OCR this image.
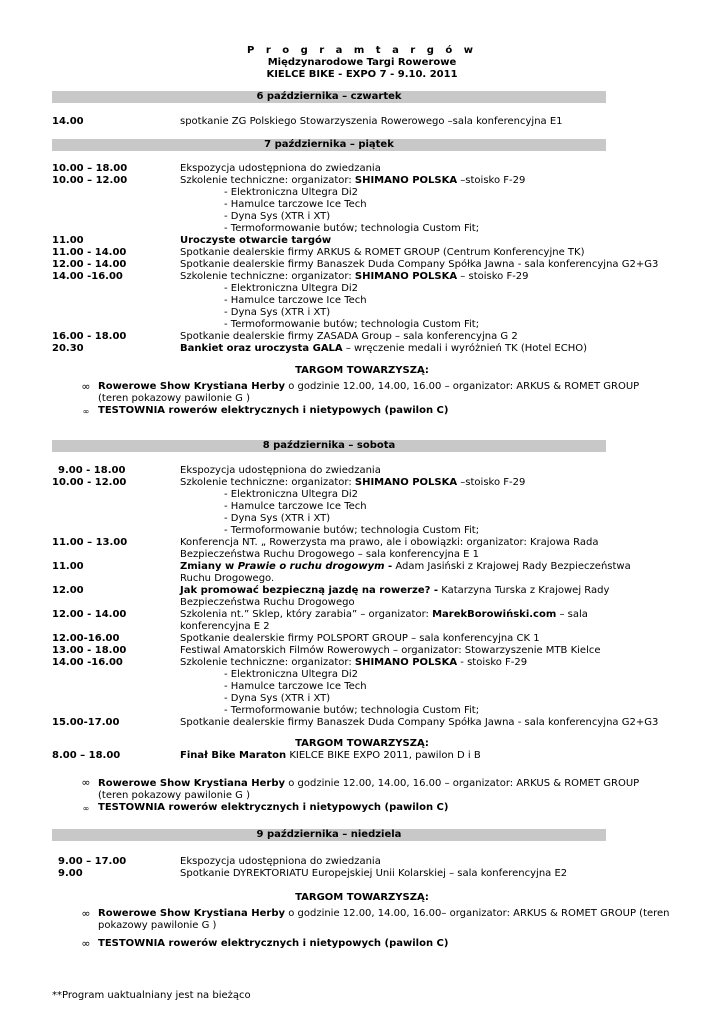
P r o g r a m t a r g ó w
Międzynarodowe Targi Rowerowe
KIELCE BIKE - EXPO 7 - 9.10. 2011
6 października – czwartek
14.00	spotkanie ZG Polskiego Stowarzyszenia Rowerowego –sala konferencyjna E1
7 października – piątek
10.00 – 18.00	Ekspozycja udostępniona do zwiedzania
10.00 – 12.00	Szkolenie techniczne: organizator: SHIMANO POLSKA –stoisko F-29
- Elektroniczna Ultegra Di2
- Hamulce tarczowe Ice Tech
- Dyna Sys (XTR i XT)
- Termoformowanie butów; technologia Custom Fit;
11.00	Uroczyste otwarcie targów
11.00 - 14.00	Spotkanie dealerskie firmy ARKUS & ROMET GROUP (Centrum Konferencyjne TK)
12.00 - 14.00	Spotkanie dealerskie firmy Banaszek Duda Company Spółka Jawna - sala konferencyjna G2+G3
14.00 -16.00	Szkolenie techniczne: organizator: SHIMANO POLSKA – stoisko F-29
- Elektroniczna Ultegra Di2
- Hamulce tarczowe Ice Tech
- Dyna Sys (XTR i XT)
- Termoformowanie butów; technologia Custom Fit;
16.00 - 18.00	Spotkanie dealerskie firmy ZASADA Group – sala konferencyjna G 2
20.30	Bankiet oraz uroczysta GALA – wręczenie medali i wyróżnień TK (Hotel ECHO)
TARGOM TOWARZYSZĄ:
∞ Rowerowe Show Krystiana Herby o godzinie 12.00, 14.00, 16.00 – organizator: ARKUS & ROMET GROUP
(teren pokazowy pawilonie G )
∞ TESTOWNIA rowerów elektrycznych i nietypowych (pawilon C)
8 października – sobota
9.00 - 18.00	Ekspozycja udostępniona do zwiedzania
10.00 - 12.00	Szkolenie techniczne: organizator: SHIMANO POLSKA –stoisko F-29
- Elektroniczna Ultegra Di2
- Hamulce tarczowe Ice Tech
- Dyna Sys (XTR i XT)
- Termoformowanie butów; technologia Custom Fit;
11.00 – 13.00	Konferencja NT. „ Rowerzysta ma prawo, ale i obowiązki: organizator: Krajowa Rada Bezpieczeństwa Ruchu Drogowego – sala konferencyjna E 1
11.00	Zmiany w Prawie o ruchu drogowym - Adam Jasiński z Krajowej Rady Bezpieczeństwa Ruchu Drogowego.
12.00	Jak promować bezpieczną jazdę na rowerze? - Katarzyna Turska z Krajowej Rady Bezpieczeństwa Ruchu Drogowego
12.00 - 14.00	Szkolenia nt.” Sklep, który zarabia” – organizator: MarekBorowiński.com – sala konferencyjna E 2
12.00-16.00	Spotkanie dealerskie firmy POLSPORT GROUP – sala konferencyjna CK 1
13.00 - 18.00	Festiwal Amatorskich Filmów Rowerowych – organizator: Stowarzyszenie MTB Kielce
14.00 -16.00	Szkolenie techniczne: organizator: SHIMANO POLSKA - stoisko F-29
- Elektroniczna Ultegra Di2
- Hamulce tarczowe Ice Tech
- Dyna Sys (XTR i XT)
- Termoformowanie butów; technologia Custom Fit;
15.00-17.00	Spotkanie dealerskie firmy Banaszek Duda Company Spółka Jawna - sala konferencyjna G2+G3
TARGOM TOWARZYSZĄ:
8.00 – 18.00	Finał Bike Maraton KIELCE BIKE EXPO 2011, pawilon D i B
∞ Rowerowe Show Krystiana Herby o godzinie 12.00, 14.00, 16.00 – organizator: ARKUS & ROMET GROUP
(teren pokazowy pawilonie G )
∞ TESTOWNIA rowerów elektrycznych i nietypowych (pawilon C)
9 października – niedziela
9.00 – 17.00	Ekspozycja udostępniona do zwiedzania
9.00	Spotkanie DYREKTORIATU Europejskiej Unii Kolarskiej – sala konferencyjna E2
TARGOM TOWARZYSZĄ:
∞ Rowerowe Show Krystiana Herby o godzinie 12.00, 14.00, 16.00– organizator: ARKUS & ROMET GROUP (teren pokazowy pawilonie G )
∞ TESTOWNIA rowerów elektrycznych i nietypowych (pawilon C)
**Program uaktualniany jest na bieżąco
